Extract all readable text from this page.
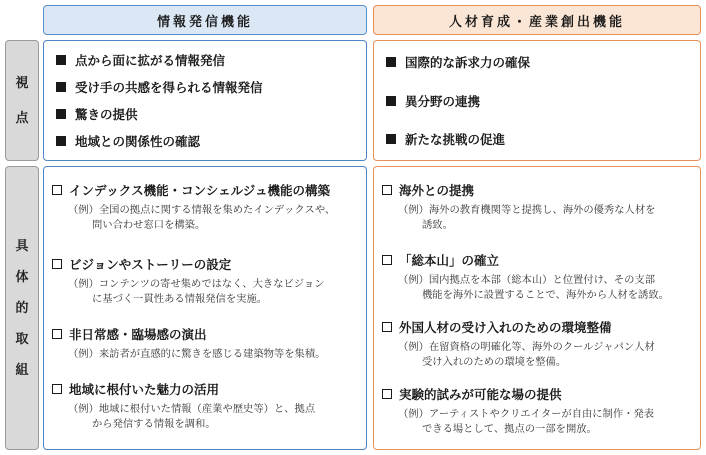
情報発信機能	人材育成・産業創出機能
視
点
具
体
的
取
組
点から面に拡がる情報発信
受け手の共感を得られる情報発信
驚きの提供
地域との関係性の確認
国際的な訴求力の確保
異分野の連携
新たな挑戦の促進
インデックス機能・コンシェルジュ機能の構築
（例）全国の拠点に関する情報を集めたインデックスや、
問い合わせ窓口を構築。
ビジョンやストーリーの設定
（例）コンテンツの寄せ集めではなく、大きなビジョン
に基づく一貫性ある情報発信を実施。
非日常感・臨場感の演出
（例）来訪者が直感的に驚きを感じる建築物等を集積。
地域に根付いた魅力の活用
（例）地域に根付いた情報（産業や歴史等）と、拠点
から発信する情報を調和。
海外との提携
（例）海外の教育機関等と提携し、海外の優秀な人材を
誘致。
「総本山」の確立
（例）国内拠点を本部（総本山）と位置付け、その支部
機能を海外に設置することで、海外から人材を誘致。
外国人材の受け入れのための環境整備
（例）在留資格の明確化等、海外のクールジャパン人材
受け入れのための環境を整備。
実験的試みが可能な場の提供
（例）アーティストやクリエイターが自由に制作・発表
できる場として、拠点の一部を開放。
